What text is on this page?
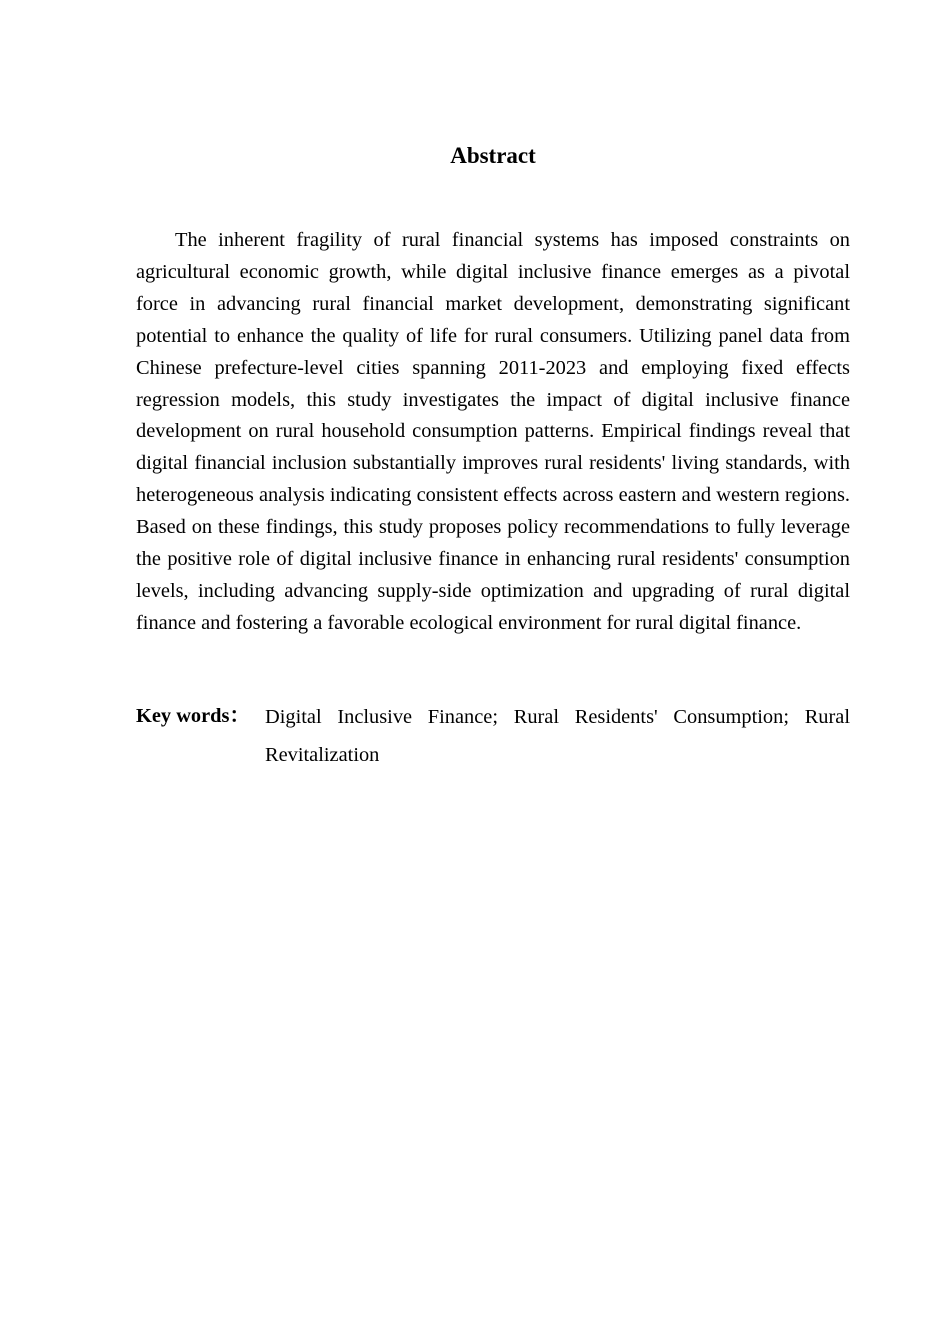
Abstract

The inherent fragility of rural financial systems has imposed constraints on agricultural economic growth, while digital inclusive finance emerges as a pivotal force in advancing rural financial market development, demonstrating significant potential to enhance the quality of life for rural consumers. Utilizing panel data from Chinese prefecture-level cities spanning 2011-2023 and employing fixed effects regression models, this study investigates the impact of digital inclusive finance development on rural household consumption patterns. Empirical findings reveal that digital financial inclusion substantially improves rural residents' living standards, with heterogeneous analysis indicating consistent effects across eastern and western regions. Based on these findings, this study proposes policy recommendations to fully leverage the positive role of digital inclusive finance in enhancing rural residents' consumption levels, including advancing supply-side optimization and upgrading of rural digital finance and fostering a favorable ecological environment for rural digital finance.

Key words： Digital Inclusive Finance; Rural Residents' Consumption; Rural Revitalization
